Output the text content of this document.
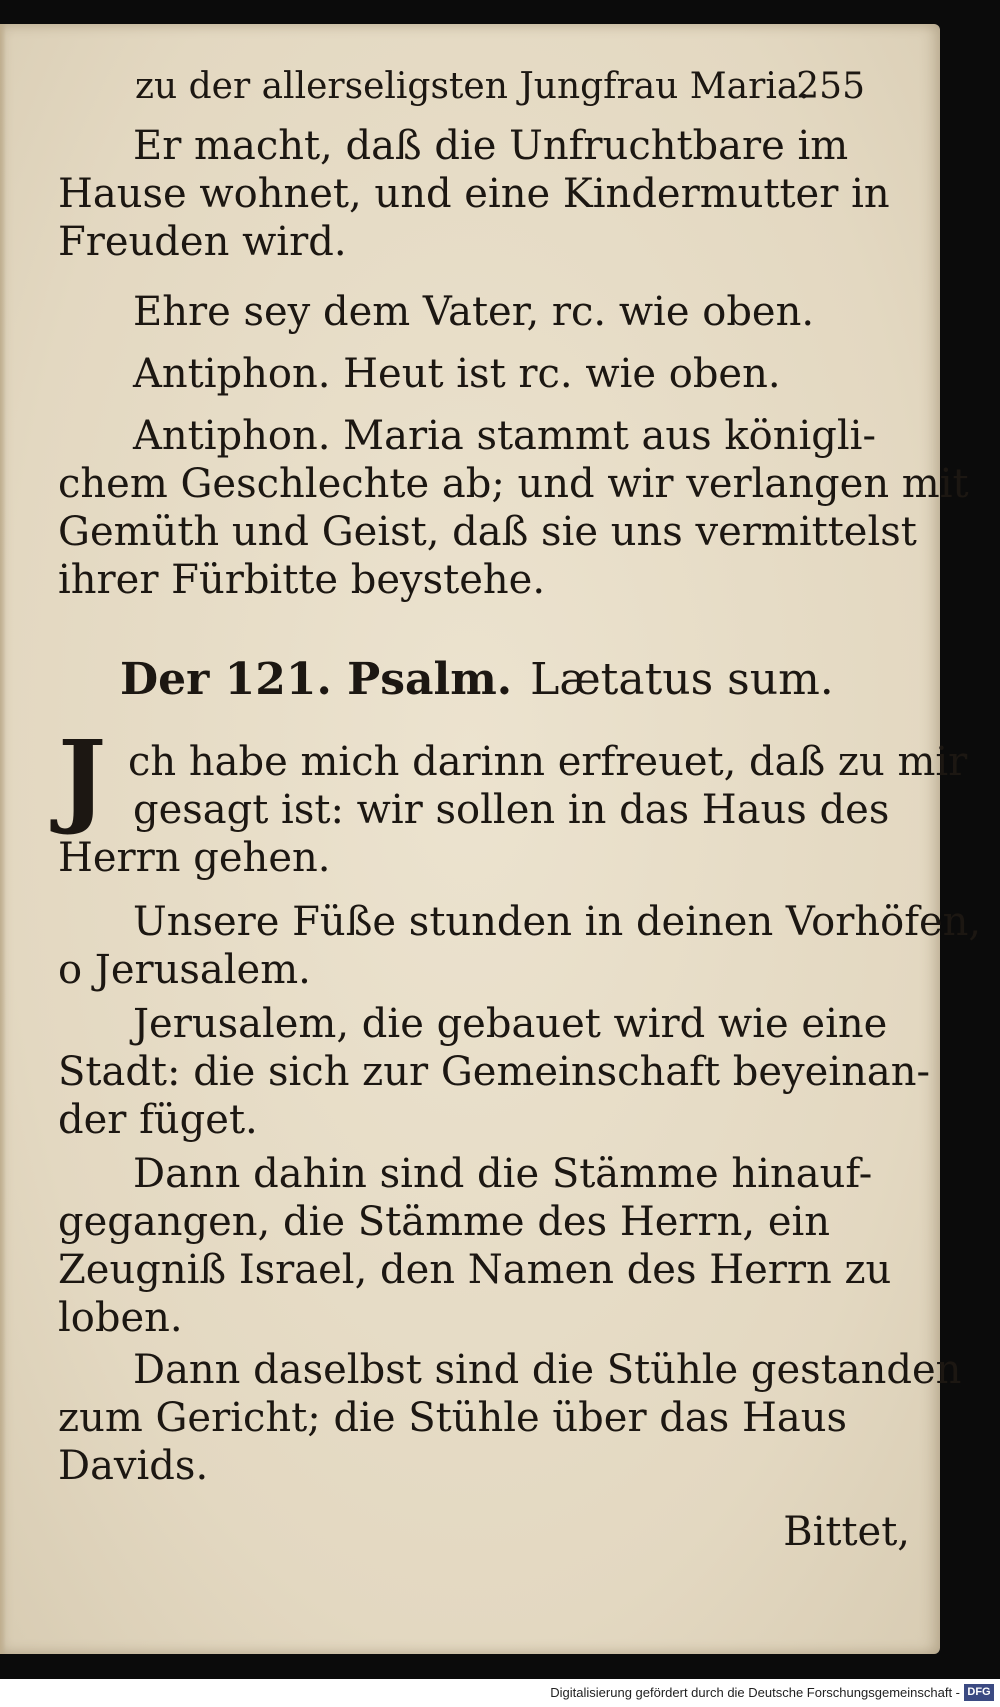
zu der allerseligsten Jungfrau Maria.
255
Er macht, daß die Unfruchtbare im
Hause wohnet, und eine Kindermutter in
Freuden wird.
Ehre sey dem Vater, rc. wie oben.
Antiphon. Heut ist rc. wie oben.
Antiphon. Maria stammt aus königli-
chem Geschlechte ab; und wir verlangen mit
Gemüth und Geist, daß sie uns vermittelst
ihrer Fürbitte beystehe.
Der 121. Psalm. Lætatus sum.
J ch habe mich darinn erfreuet, daß zu mir
gesagt ist: wir sollen in das Haus des
Herrn gehen.
Unsere Füße stunden in deinen Vorhöfen,
o Jerusalem.
Jerusalem, die gebauet wird wie eine
Stadt: die sich zur Gemeinschaft beyeinan-
der füget.
Dann dahin sind die Stämme hinauf-
gegangen, die Stämme des Herrn, ein
Zeugniß Israel, den Namen des Herrn zu
loben.
Dann daselbst sind die Stühle gestanden
zum Gericht; die Stühle über das Haus
Davids.
Bittet,
Digitalisierung gefördert durch die Deutsche Forschungsgemeinschaft - DFG
